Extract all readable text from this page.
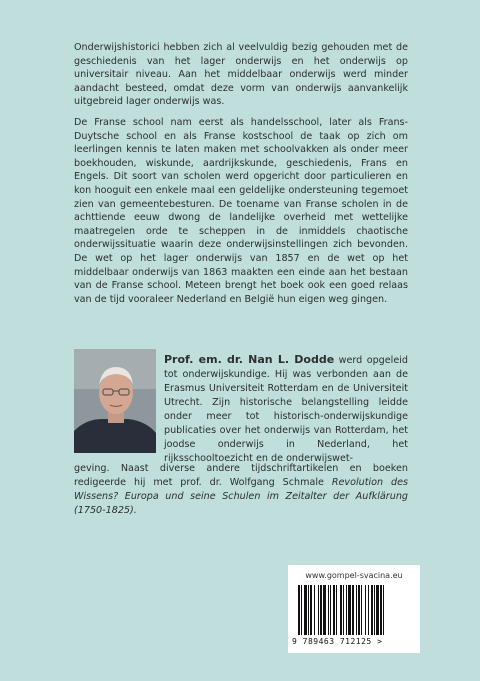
Onderwijshistorici hebben zich al veelvuldig bezig gehouden met de geschiedenis van het lager onderwijs en het onderwijs op universitair niveau. Aan het middelbaar onderwijs werd minder aandacht besteed, omdat deze vorm van onderwijs aanvankelijk uitgebreid lager onderwijs was.

De Franse school nam eerst als handelsschool, later als Frans-Duytsche school en als Franse kostschool de taak op zich om leerlingen kennis te laten maken met schoolvakken als onder meer boekhouden, wiskunde, aardrijkskunde, geschiedenis, Frans en Engels. Dit soort van scholen werd opgericht door particulieren en kon hooguit een enkele maal een geldelijke ondersteuning tegemoet zien van gemeentebesturen. De toename van Franse scholen in de achttiende eeuw dwong de landelijke overheid met wettelijke maatregelen orde te scheppen in de inmiddels chaotische onderwijssituatie waarin deze onderwijsinstellingen zich bevonden. De wet op het lager onderwijs van 1857 en de wet op het middelbaar onderwijs van 1863 maakten een einde aan het bestaan van de Franse school. Meteen brengt het boek ook een goed relaas van de tijd vooraleer Nederland en België hun eigen weg gingen.

Prof. em. dr. Nan L. Dodde werd opgeleid tot onderwijskundige. Hij was verbonden aan de Erasmus Universiteit Rotterdam en de Universiteit Utrecht. Zijn historische belangstelling leidde onder meer tot historisch-onderwijskundige publicaties over het onderwijs van Rotterdam, het joodse onderwijs in Nederland, het rijksschooltoezicht en de onderwijswet-

geving. Naast diverse andere tijdschriftartikelen en boeken redigeerde hij met prof. dr. Wolfgang Schmale Revolution des Wissens? Europa und seine Schulen im Zeitalter der Aufklärung (1750-1825).

www.gompel-svacina.eu
9 789463 712125 >
